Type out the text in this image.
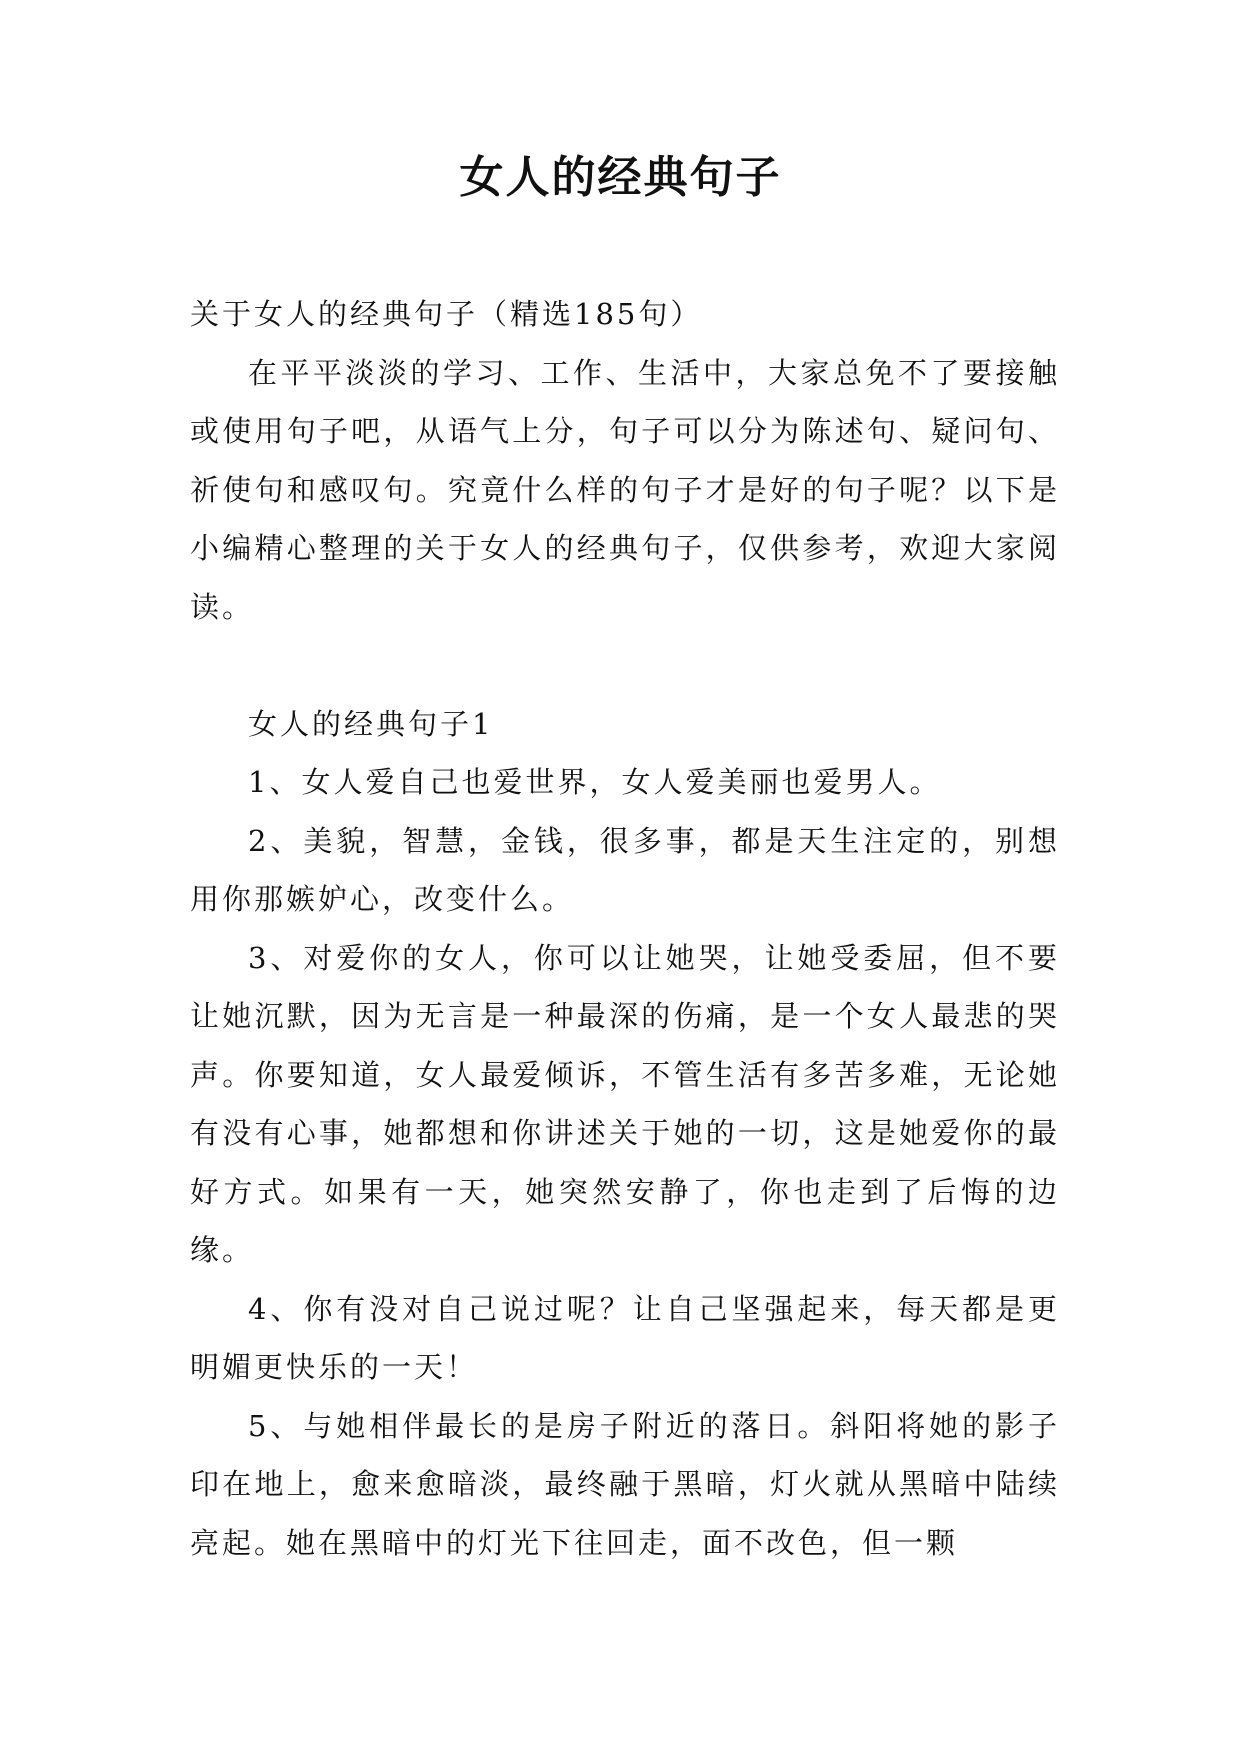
女人的经典句子

关于女人的经典句子（精选185句）

在平平淡淡的学习、工作、生活中，大家总免不了要接触或使用句子吧，从语气上分，句子可以分为陈述句、疑问句、祈使句和感叹句。究竟什么样的句子才是好的句子呢？以下是小编精心整理的关于女人的经典句子，仅供参考，欢迎大家阅读。

女人的经典句子1

1、女人爱自己也爱世界，女人爱美丽也爱男人。

2、美貌，智慧，金钱，很多事，都是天生注定的，别想用你那嫉妒心，改变什么。

3、对爱你的女人，你可以让她哭，让她受委屈，但不要让她沉默，因为无言是一种最深的伤痛，是一个女人最悲的哭声。你要知道，女人最爱倾诉，不管生活有多苦多难，无论她有没有心事，她都想和你讲述关于她的一切，这是她爱你的最好方式。如果有一天，她突然安静了，你也走到了后悔的边缘。

4、你有没对自己说过呢？让自己坚强起来，每天都是更明媚更快乐的一天！

5、与她相伴最长的是房子附近的落日。斜阳将她的影子印在地上，愈来愈暗淡，最终融于黑暗，灯火就从黑暗中陆续亮起。她在黑暗中的灯光下往回走，面不改色，但一颗
